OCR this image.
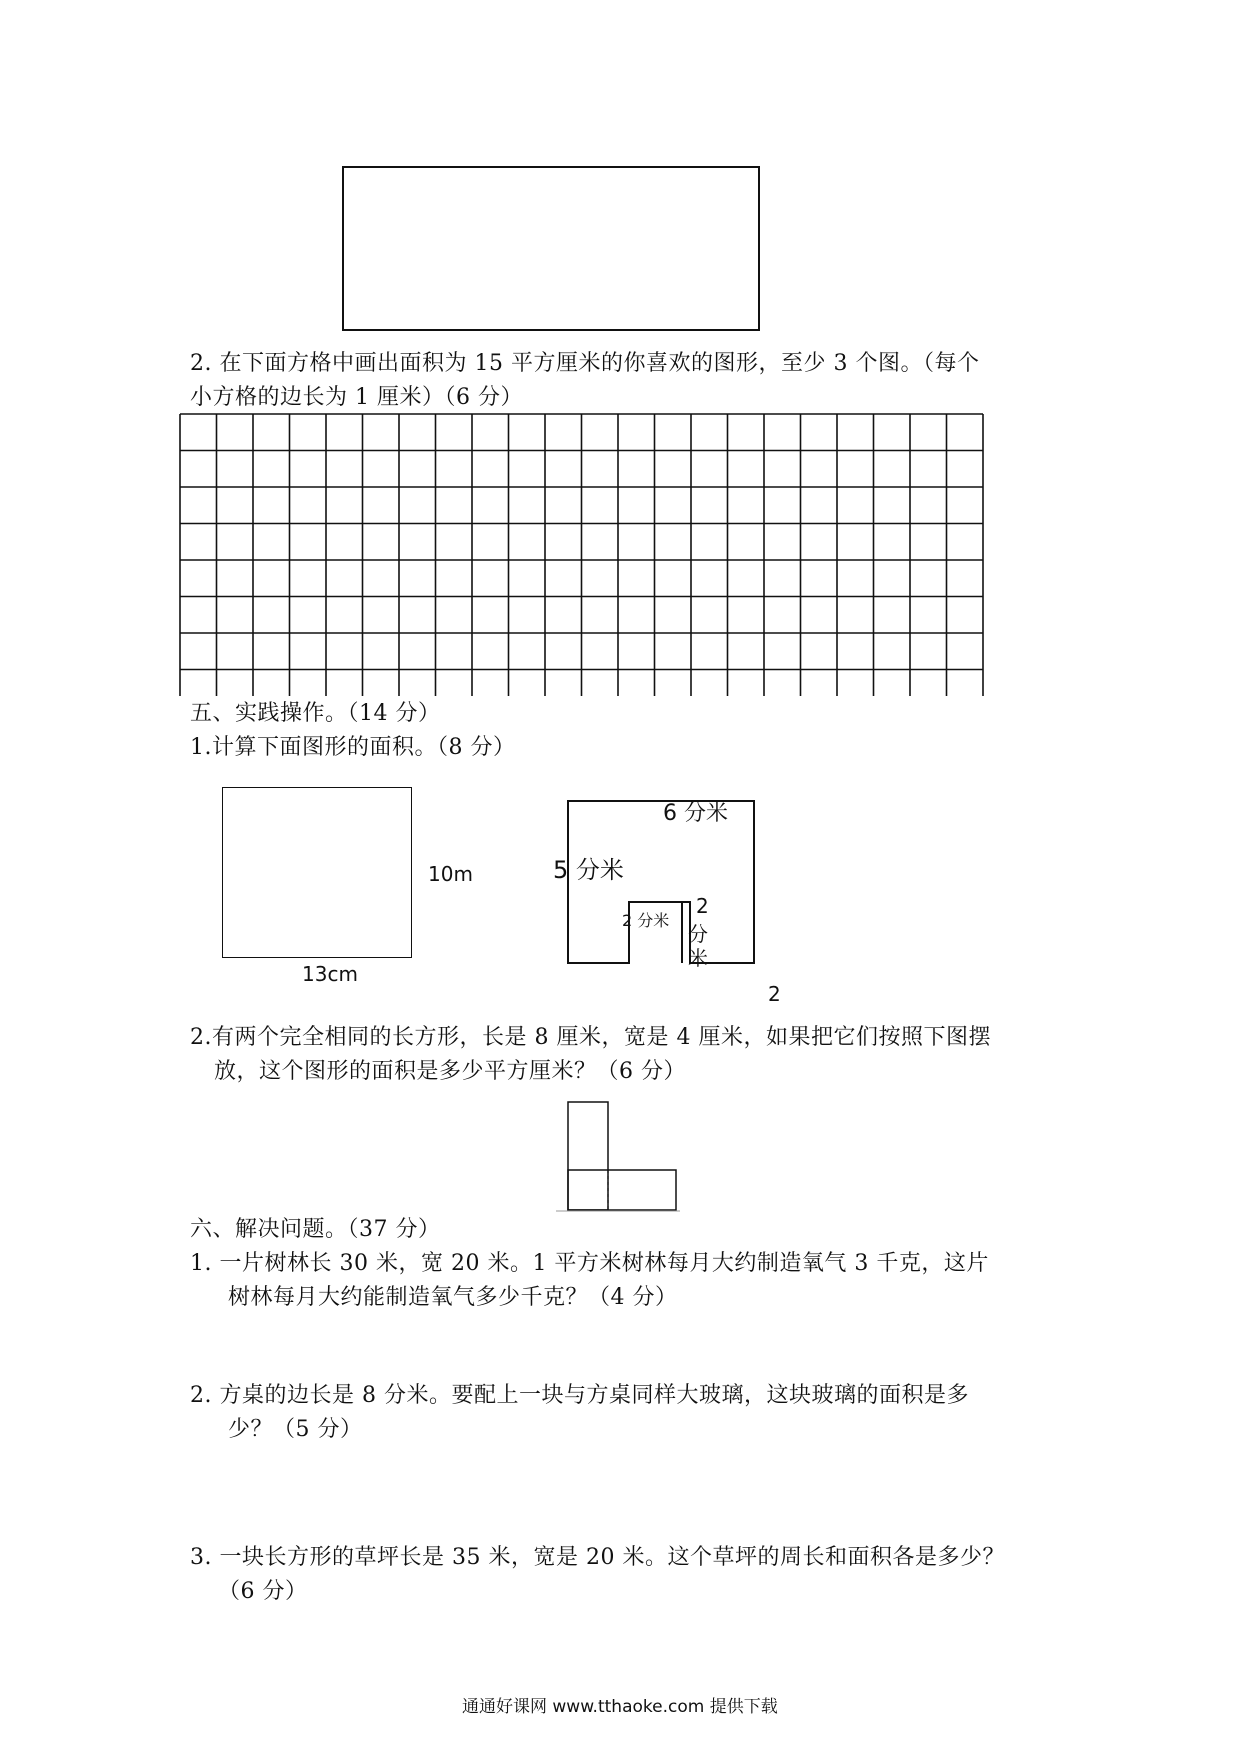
2. 在下面方格中画出面积为 15 平方厘米的你喜欢的图形，至少 3 个图。（每个
小方格的边长为 1 厘米）（6 分）
五、实践操作。（14 分）
1.计算下面图形的面积。（8 分）
10m
13cm
6 分米
5 分米
2 分米
2
分
米
2
2.有两个完全相同的长方形，长是 8 厘米，宽是 4 厘米，如果把它们按照下图摆
放，这个图形的面积是多少平方厘米？（6 分）
六、解决问题。（37 分）
1. 一片树林长 30 米，宽 20 米。1 平方米树林每月大约制造氧气 3 千克，这片
树林每月大约能制造氧气多少千克？（4 分）
2. 方桌的边长是 8 分米。要配上一块与方桌同样大玻璃，这块玻璃的面积是多
少？（5 分）
3. 一块长方形的草坪长是 35 米，宽是 20 米。这个草坪的周长和面积各是多少？
（6 分）
通通好课网 www.tthaoke.com 提供下载
